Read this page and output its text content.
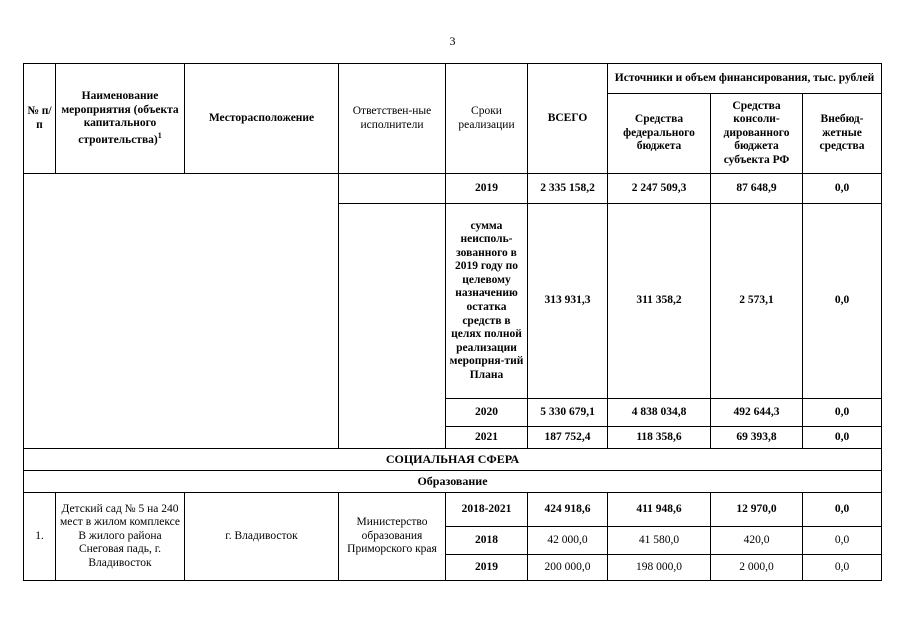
3
№ п/п	Наименование мероприятия (объекта капитального строительства)$^1$	Месторасположение	Ответствен-ные исполнители	Сроки реализации	ВСЕГО	Источники и объем финансирования, тыс. рублей		
						Средства федерального бюджета	Средства консоли-дированного бюджета субъекта РФ	Внебюд-жетные средства
				2019	2 335 158,2	2 247 509,3	87 648,9	0,0
				сумма неисполь-зованного в 2019 году по целевому назначению остатка средств в целях полной реализации меропрня-тий Плана	313 931,3	311 358,2	2 573,1	0,0
				2020	5 330 679,1	4 838 034,8	492 644,3	0,0
				2021	187 752,4	118 358,6	69 393,8	0,0
СОЦИАЛЬНАЯ СФЕРА								
Образование								
1.	Детский сад № 5 на 240 мест в жилом комплексе В жилого района Снеговая падь, г. Владивосток	г. Владивосток	Министерство образования Приморского края	2018-2021	424 918,6	411 948,6	12 970,0	0,0
				2018	42 000,0	41 580,0	420,0	0,0
				2019	200 000,0	198 000,0	2 000,0	0,0
